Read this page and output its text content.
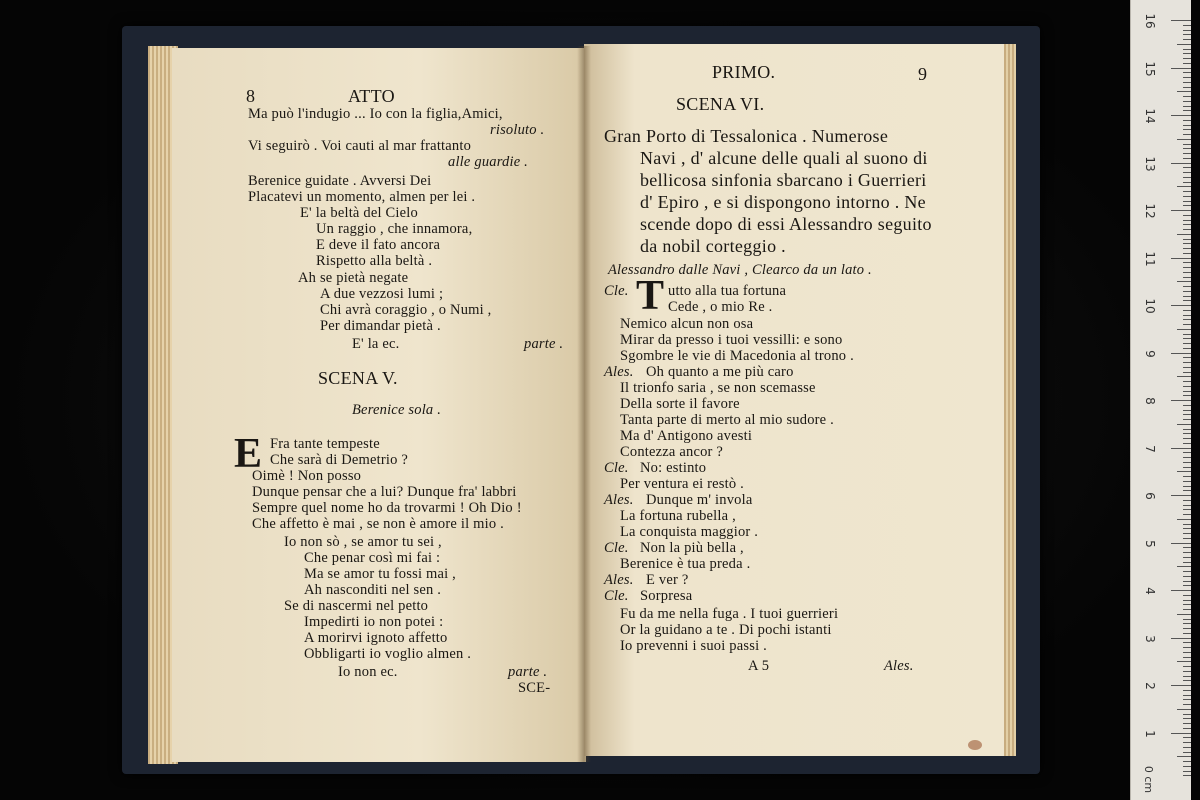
8	ATTO
Ma può l'indugio ... Io con la figlia,Amici,
risoluto .
Vi seguirò . Voi cauti al mar frattanto
alle guardie .
Berenice guidate . Avversi Dei
Placatevi un momento, almen per lei .
E' la beltà del Cielo
Un raggio , che innamora,
E deve il fato ancora
Rispetto alla beltà .
Ah se pietà negate
A due vezzosi lumi ;
Chi avrà coraggio , o Numi ,
Per dimandar pietà .
E' la ec.	parte .
SCENA V.
Berenice sola .
E Fra tante tempeste
Che sarà di Demetrio ?
Oimè ! Non posso
Dunque pensar che a lui? Dunque fra' labbri
Sempre quel nome ho da trovarmi ! Oh Dio !
Che affetto è mai , se non è amore il mio .
Io non sò , se amor tu sei ,
Che penar così mi fai :
Ma se amor tu fossi mai ,
Ah nasconditi nel sen .
Se di nascermi nel petto
Impedirti io non potei :
A morirvi ignoto affetto
Obbligarti io voglio almen .
Io non ec.	parte .
SCE-
PRIMO.	9
SCENA VI.
Gran Porto di Tessalonica . Numerose
Navi , d' alcune delle quali al suono di
bellicosa sinfonia sbarcano i Guerrieri
d' Epiro , e si dispongono intorno . Ne
scende dopo di essi Alessandro seguito
da nobil corteggio .
Alessandro dalle Navi , Clearco da un lato .
Cle. T utto alla tua fortuna
Cede , o mio Re .
Nemico alcun non osa
Mirar da presso i tuoi vessilli: e sono
Sgombre le vie di Macedonia al trono .
Ales. Oh quanto a me più caro
Il trionfo saria , se non scemasse
Della sorte il favore
Tanta parte di merto al mio sudore .
Ma d' Antigono avesti
Contezza ancor ?
Cle. No: estinto
Per ventura ei restò .
Ales. Dunque m' invola
La fortuna rubella ,
La conquista maggior .
Cle. Non la più bella ,
Berenice è tua preda .
Ales. E ver ?
Cle. Sorpresa
Fu da me nella fuga . I tuoi guerrieri
Or la guidano a te . Di pochi istanti
Io prevenni i suoi passi .
A 5	Ales.
0 cm
16
15
14
13
12
11
10
9
8
7
6
5
4
3
2
1
